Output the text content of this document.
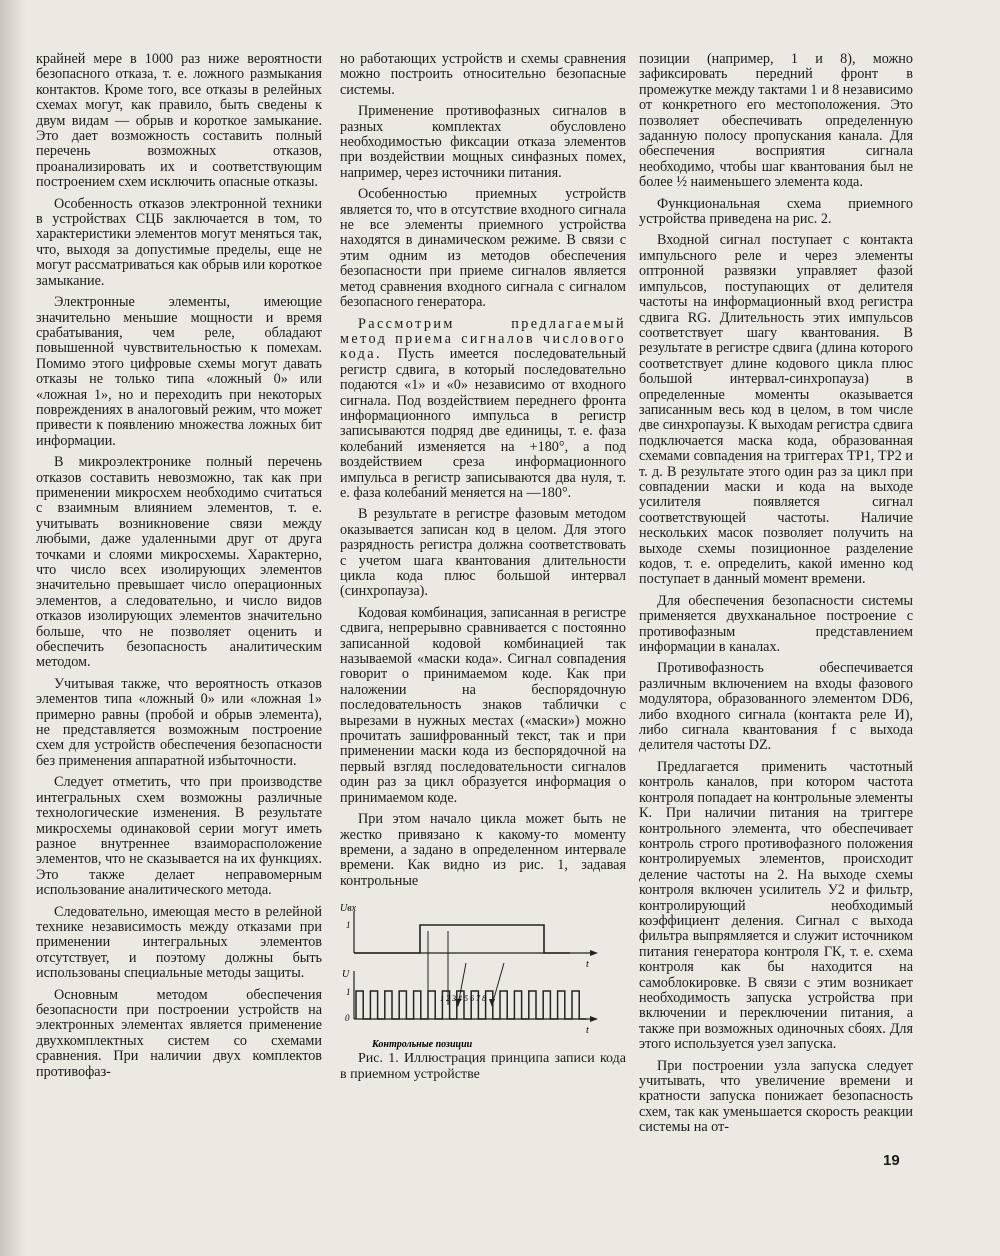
крайней мере в 1000 раз ниже вероятности безопасного отказа, т. е. ложного размыкания контактов. Кроме того, все отказы в релейных схемах могут, как правило, быть сведены к двум видам — обрыв и короткое замыкание. Это дает возможность составить полный перечень возможных отказов, проанализировать их и соответствующим построением схем исключить опасные отказы.

Особенность отказов электронной техники в устройствах СЦБ заключается в том, то характеристики элементов могут меняться так, что, выходя за допустимые пределы, еще не могут рассматриваться как обрыв или короткое замыкание.

Электронные элементы, имеющие значительно меньшие мощности и время срабатывания, чем реле, обладают повышенной чувствительностью к помехам. Помимо этого цифровые схемы могут давать отказы не только типа «ложный 0» или «ложная 1», но и переходить при некоторых повреждениях в аналоговый режим, что может привести к появлению множества ложных бит информации.

В микроэлектронике полный перечень отказов составить невозможно, так как при применении микросхем необходимо считаться с взаимным влиянием элементов, т. е. учитывать возникновение связи между любыми, даже удаленными друг от друга точками и слоями микросхемы. Характерно, что число всех изолирующих элементов значительно превышает число операционных элементов, а следовательно, и число видов отказов изолирующих элементов значительно больше, что не позволяет оценить и обеспечить безопасность аналитическим методом.

Учитывая также, что вероятность отказов элементов типа «ложный 0» или «ложная 1» примерно равны (пробой и обрыв элемента), не представляется возможным построение схем для устройств обеспечения безопасности без применения аппаратной избыточности.

Следует отметить, что при производстве интегральных схем возможны различные технологические изменения. В результате микросхемы одинаковой серии могут иметь разное внутреннее взаиморасположение элементов, что не сказывается на их функциях. Это также делает неправомерным использование аналитического метода.

Следовательно, имеющая место в релейной технике независимость между отказами при применении интегральных элементов отсутствует, и поэтому должны быть использованы специальные методы защиты.

Основным методом обеспечения безопасности при построении устройств на электронных элементах является применение двухкомплектных систем со схемами сравнения. При наличии двух комплектов противофаз-

но работающих устройств и схемы сравнения можно построить относительно безопасные системы.

Применение противофазных сигналов в разных комплектах обусловлено необходимостью фиксации отказа элементов при воздействии мощных синфазных помех, например, через источники питания.

Особенностью приемных устройств является то, что в отсутствие входного сигнала не все элементы приемного устройства находятся в динамическом режиме. В связи с этим одним из методов обеспечения безопасности при приеме сигналов является метод сравнения входного сигнала с сигналом безопасного генератора.

Рассмотрим предлагаемый метод приема сигналов числового кода. Пусть имеется последовательный регистр сдвига, в который последовательно подаются «1» и «0» независимо от входного сигнала. Под воздействием переднего фронта информационного импульса в регистр записываются подряд две единицы, т. е. фаза колебаний изменяется на +180°, а под воздействием среза информационного импульса в регистр записываются два нуля, т. е. фаза колебаний меняется на —180°.

В результате в регистре фазовым методом оказывается записан код в целом. Для этого разрядность регистра должна соответствовать с учетом шага квантования длительности цикла кода плюс большой интервал (синхропауза).

Кодовая комбинация, записанная в регистре сдвига, непрерывно сравнивается с постоянно записанной кодовой комбинацией так называемой «маски кода». Сигнал совпадения говорит о принимаемом коде. Как при наложении на беспорядочную последовательность знаков таблички с вырезами в нужных местах («маски») можно прочитать зашифрованный текст, так и при применении маски кода из беспорядочной на первый взгляд последовательности сигналов один раз за цикл образуется информация о принимаемом коде.

При этом начало цикла может быть не жестко привязано к какому-то моменту времени, а задано в определенном интервале времени. Как видно из рис. 1, задавая контрольные

Uвх
1
t
U
1
0
t
1 2 3 4 5 6 7 8
Контрольные позиции

Рис. 1. Иллюстрация принципа записи кода в приемном устройстве

позиции (например, 1 и 8), можно зафиксировать передний фронт в промежутке между тактами 1 и 8 независимо от конкретного его местоположения. Это позволяет обеспечивать определенную заданную полосу пропускания канала. Для обеспечения восприятия сигнала необходимо, чтобы шаг квантования был не более ½ наименьшего элемента кода.

Функциональная схема приемного устройства приведена на рис. 2.

Входной сигнал поступает с контакта импульсного реле и через элементы оптронной развязки управляет фазой импульсов, поступающих от делителя частоты на информационный вход регистра сдвига RG. Длительность этих импульсов соответствует шагу квантования. В результате в регистре сдвига (длина которого соответствует длине кодового цикла плюс большой интервал-синхропауза) в определенные моменты оказывается записанным весь код в целом, в том числе две синхропаузы. К выходам регистра сдвига подключается маска кода, образованная схемами совпадения на триггерах ТР1, ТР2 и т. д. В результате этого один раз за цикл при совпадении маски и кода на выходе усилителя появляется сигнал соответствующей частоты. Наличие нескольких масок позволяет получить на выходе схемы позиционное разделение кодов, т. е. определить, какой именно код поступает в данный момент времени.

Для обеспечения безопасности системы применяется двухканальное построение с противофазным представлением информации в каналах.

Противофазность обеспечивается различным включением на входы фазового модулятора, образованного элементом DD6, либо входного сигнала (контакта реле И), либо сигнала квантования f с выхода делителя частоты DZ.

Предлагается применить частотный контроль каналов, при котором частота контроля попадает на контрольные элементы К. При наличии питания на триггере контрольного элемента, что обеспечивает контроль строго противофазного положения контролируемых элементов, происходит деление частоты на 2. На выходе схемы контроля включен усилитель У2 и фильтр, контролирующий необходимый коэффициент деления. Сигнал с выхода фильтра выпрямляется и служит источником питания генератора контроля ГК, т. е. схема контроля как бы находится на самоблокировке. В связи с этим возникает необходимость запуска устройства при включении и переключении питания, а также при возможных одиночных сбоях. Для этого используется узел запуска.

При построении узла запуска следует учитывать, что увеличение времени и кратности запуска понижает безопасность схем, так как уменьшается скорость реакции системы на от-

19
